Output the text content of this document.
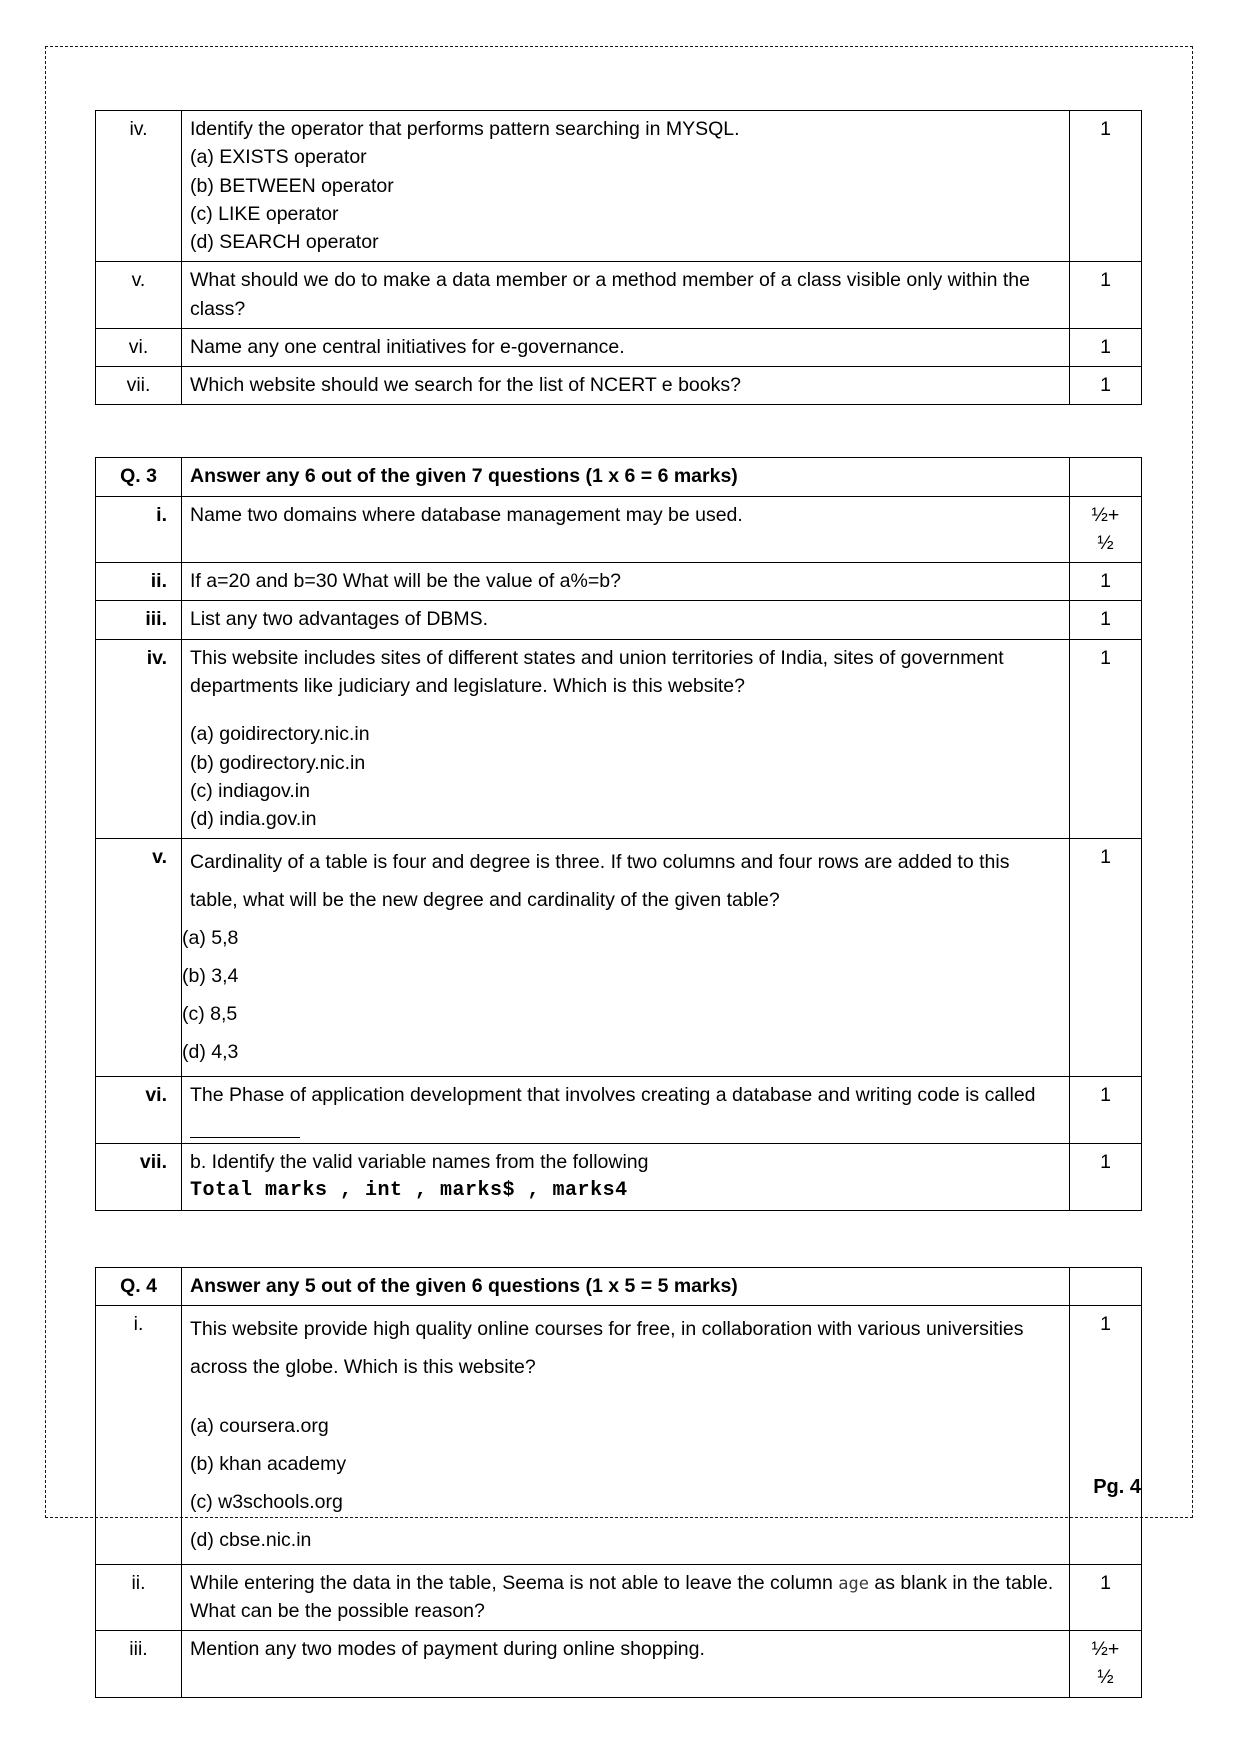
iv.	Identify the operator that performs pattern searching in MYSQL.
(a) EXISTS operator
(b) BETWEEN operator
(c) LIKE operator
(d) SEARCH operator	1
v.	What should we do to make a data member or a method member of a class visible only within the class?	1
vi.	Name any one central initiatives for e-governance.	1
vii.	Which website should we search for the list of NCERT e books?	1
Q. 3	Answer any 6 out of the given 7 questions (1 x 6 = 6 marks)	
i.	Name two domains where database management may be used.	½+
½
ii.	If a=20 and b=30 What will be the value of a%=b?	1
iii.	List any two advantages of DBMS.	1
iv.	This website includes sites of different states and union territories of India, sites of government departments like judiciary and legislature. Which is this website?
(a) goidirectory.nic.in
(b) godirectory.nic.in
(c) indiagov.in
(d) india.gov.in	1
v.	Cardinality of a table is four and degree is three. If two columns and four rows are added to this table, what will be the new degree and cardinality of the given table?
(a) 5,8
(b) 3,4
(c) 8,5
(d) 4,3	1
vi.	The Phase of application development that involves creating a database and writing code is called	1
vii.	b. Identify the valid variable names from the following
Total marks , int , marks$ , marks4	1
Q. 4	Answer any 5 out of the given 6 questions (1 x 5 = 5 marks)	
i.	This website provide high quality online courses for free, in collaboration with various universities across the globe. Which is this website?
(a) coursera.org
(b) khan academy
(c) w3schools.org
(d) cbse.nic.in	1
ii.	While entering the data in the table, Seema is not able to leave the column age as blank in the table. What can be the possible reason?	1
iii.	Mention any two modes of payment during online shopping.	½+
½
Pg. 4
